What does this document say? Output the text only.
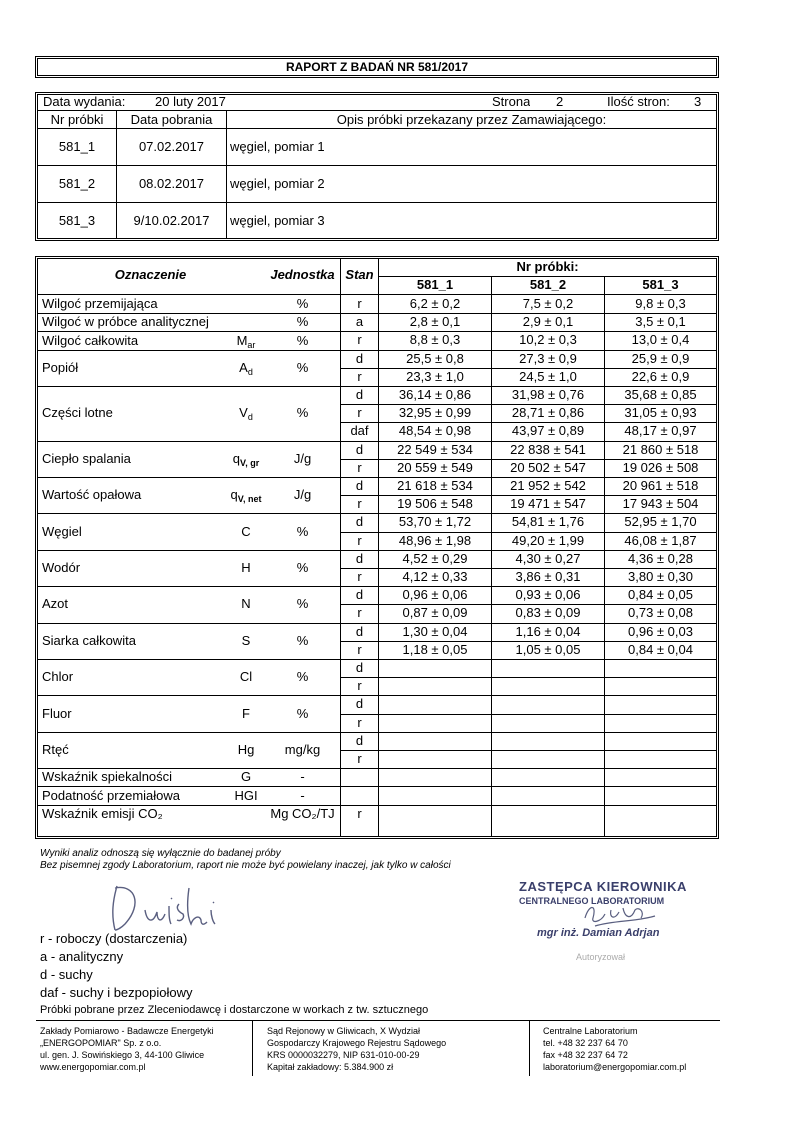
RAPORT Z BADAŃ NR 581/2017
Data wydania: 20 luty 2017	Strona 2	Ilość stron: 3
Nr próbki	Data pobrania	Opis próbki przekazany przez Zamawiającego:
581_1	07.02.2017	węgiel, pomiar 1
581_2	08.02.2017	węgiel, pomiar 2
581_3	9/10.02.2017	węgiel, pomiar 3
Oznaczenie	Jednostka Stan
Nr próbki:
581_1	581_2	581_3
Wilgoć przemijająca	%	r	6,2 ± 0,2	7,5 ± 0,2	9,8 ± 0,3
Wilgoć w próbce analitycznej	%	a	2,8 ± 0,1	2,9 ± 0,1	3,5 ± 0,1
Wilgoć całkowita	$M_{ar}$	%	r	8,8 ± 0,3	10,2 ± 0,3	13,0 ± 0,4
Popiół	$A_d$	%
d	25,5 ± 0,8	27,3 ± 0,9	25,9 ± 0,9
r	23,3 ± 1,0	24,5 ± 1,0	22,6 ± 0,9
Części lotne	$V_d$	%
d	36,14 ± 0,86	31,98 ± 0,76	35,68 ± 0,85
r	32,95 ± 0,99	28,71 ± 0,86	31,05 ± 0,93
daf	48,54 ± 0,98	43,97 ± 0,89	48,17 ± 0,97
Ciepło spalania	$q_{V, gr}$	J/g
d	22 549 ± 534	22 838 ± 541	21 860 ± 518
r	20 559 ± 549	20 502 ± 547	19 026 ± 508
Wartość opałowa	$q_{V, net}$	J/g
d	21 618 ± 534	21 952 ± 542	20 961 ± 518
r	19 506 ± 548	19 471 ± 547	17 943 ± 504
Węgiel	C	%
d	53,70 ± 1,72	54,81 ± 1,76	52,95 ± 1,70
r	48,96 ± 1,98	49,20 ± 1,99	46,08 ± 1,87
Wodór	H	%
d	4,52 ± 0,29	4,30 ± 0,27	4,36 ± 0,28
r	4,12 ± 0,33	3,86 ± 0,31	3,80 ± 0,30
Azot	N	%
d	0,96 ± 0,06	0,93 ± 0,06	0,84 ± 0,05
r	0,87 ± 0,09	0,83 ± 0,09	0,73 ± 0,08
Siarka całkowita	S	%
d	1,30 ± 0,04	1,16 ± 0,04	0,96 ± 0,03
r	1,18 ± 0,05	1,05 ± 0,05	0,84 ± 0,04
Chlor	Cl	%
d
r
Fluor	F	%
d
r
Rtęć	Hg	mg/kg
d
r
Wskaźnik spiekalności	G	-
Podatność przemiałowa	HGI	-
Wskaźnik emisji CO₂	Mg CO₂/TJ	r
Wyniki analiz odnoszą się wyłącznie do badanej próby
Bez pisemnej zgody Laboratorium, raport nie może być powielany inaczej, jak tylko w całości
ZASTĘPCA KIEROWNIKA
CENTRALNEGO LABORATORIUM
mgr inż. Damian Adrjan
Autoryzował
r - roboczy (dostarczenia)
a - analityczny
d - suchy
daf - suchy i bezpopiołowy
Próbki pobrane przez Zleceniodawcę i dostarczone w workach z tw. sztucznego
Zakłady Pomiarowo - Badawcze Energetyki
„ENERGOPOMIAR" Sp. z o.o.
ul. gen. J. Sowińskiego 3, 44-100 Gliwice
www.energopomiar.com.pl
Sąd Rejonowy w Gliwicach, X Wydział
Gospodarczy Krajowego Rejestru Sądowego
KRS 0000032279, NIP 631-010-00-29
Kapitał zakładowy: 5.384.900 zł
Centralne Laboratorium
tel. +48 32 237 64 70
fax +48 32 237 64 72
laboratorium@energopomiar.com.pl
